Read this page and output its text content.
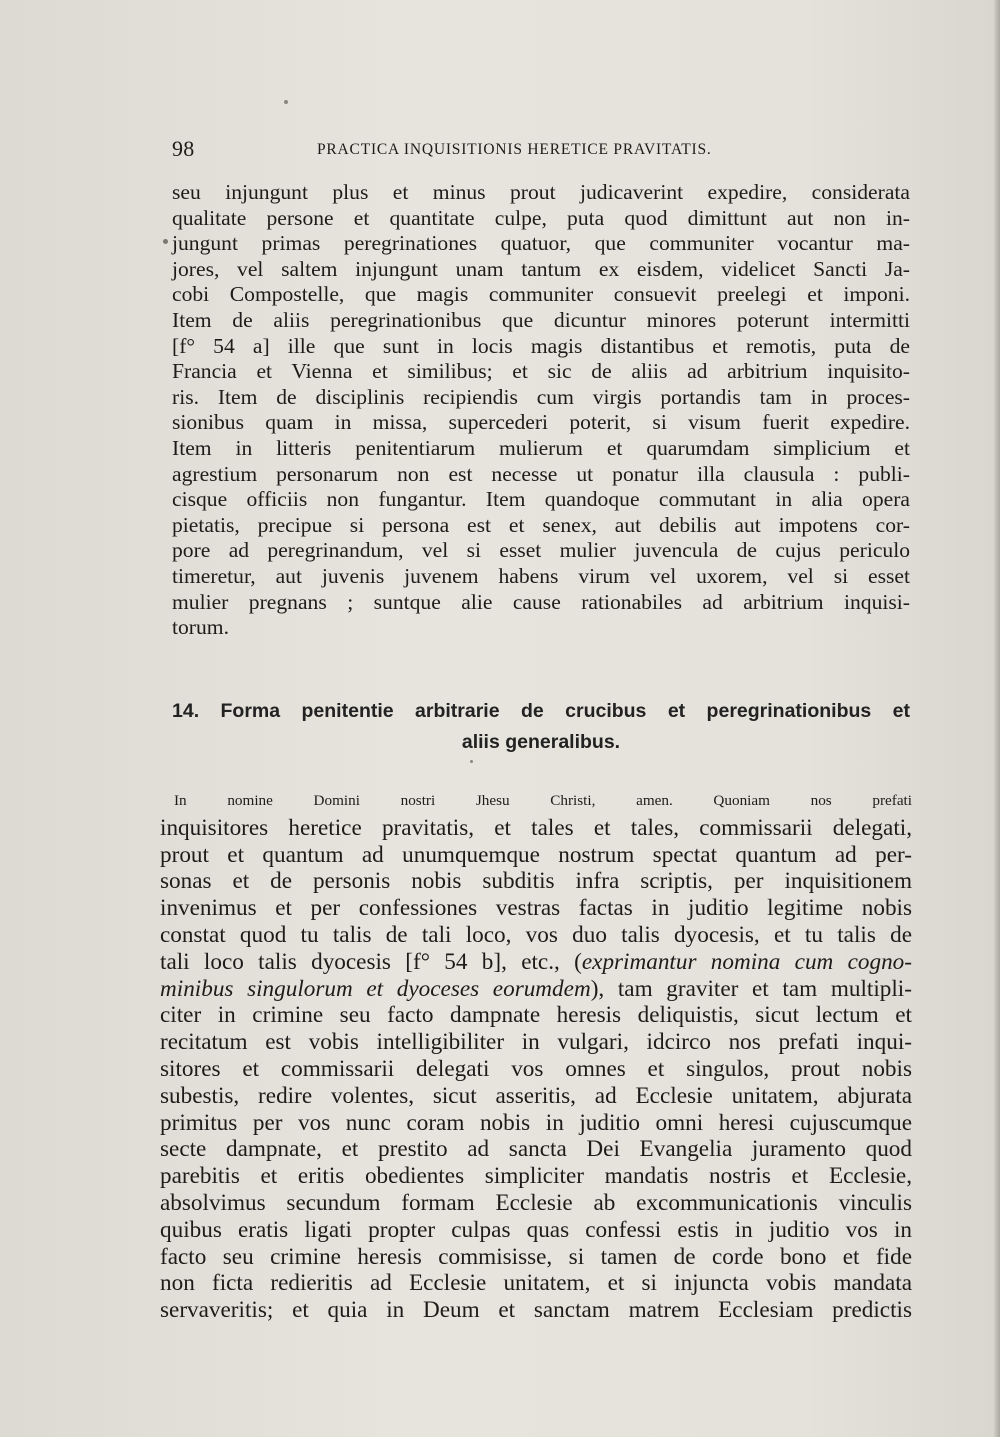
98	PRACTICA INQUISITIONIS HERETICE PRAVITATIS.
seu injungunt plus et minus prout judicaverint expedire, considerata
qualitate persone et quantitate culpe, puta quod dimittunt aut non in-
jungunt primas peregrinationes quatuor, que communiter vocantur ma-
jores, vel saltem injungunt unam tantum ex eisdem, videlicet Sancti Ja-
cobi Compostelle, que magis communiter consuevit preelegi et imponi.
Item de aliis peregrinationibus que dicuntur minores poterunt intermitti
[f° 54 a] ille que sunt in locis magis distantibus et remotis, puta de
Francia et Vienna et similibus; et sic de aliis ad arbitrium inquisito-
ris. Item de disciplinis recipiendis cum virgis portandis tam in proces-
sionibus quam in missa, supercederi poterit, si visum fuerit expedire.
Item in litteris penitentiarum mulierum et quarumdam simplicium et
agrestium personarum non est necesse ut ponatur illa clausula : publi-
cisque officiis non fungantur. Item quandoque commutant in alia opera
pietatis, precipue si persona est et senex, aut debilis aut impotens cor-
pore ad peregrinandum, vel si esset mulier juvencula de cujus periculo
timeretur, aut juvenis juvenem habens virum vel uxorem, vel si esset
mulier pregnans ; suntque alie cause rationabiles ad arbitrium inquisi-
torum.
14. Forma penitentie arbitrarie de crucibus et peregrinationibus et
aliis generalibus.
In nomine Domini nostri Jhesu Christi, amen. Quoniam nos prefati
inquisitores heretice pravitatis, et tales et tales, commissarii delegati,
prout et quantum ad unumquemque nostrum spectat quantum ad per-
sonas et de personis nobis subditis infra scriptis, per inquisitionem
invenimus et per confessiones vestras factas in juditio legitime nobis
constat quod tu talis de tali loco, vos duo talis dyocesis, et tu talis de
tali loco talis dyocesis [f° 54 b], etc., (exprimantur nomina cum cogno-
minibus singulorum et dyoceses eorumdem), tam graviter et tam multipli-
citer in crimine seu facto dampnate heresis deliquistis, sicut lectum et
recitatum est vobis intelligibiliter in vulgari, idcirco nos prefati inqui-
sitores et commissarii delegati vos omnes et singulos, prout nobis
subestis, redire volentes, sicut asseritis, ad Ecclesie unitatem, abjurata
primitus per vos nunc coram nobis in juditio omni heresi cujuscumque
secte dampnate, et prestito ad sancta Dei Evangelia juramento quod
parebitis et eritis obedientes simpliciter mandatis nostris et Ecclesie,
absolvimus secundum formam Ecclesie ab excommunicationis vinculis
quibus eratis ligati propter culpas quas confessi estis in juditio vos in
facto seu crimine heresis commisisse, si tamen de corde bono et fide
non ficta redieritis ad Ecclesie unitatem, et si injuncta vobis mandata
servaveritis; et quia in Deum et sanctam matrem Ecclesiam predictis
